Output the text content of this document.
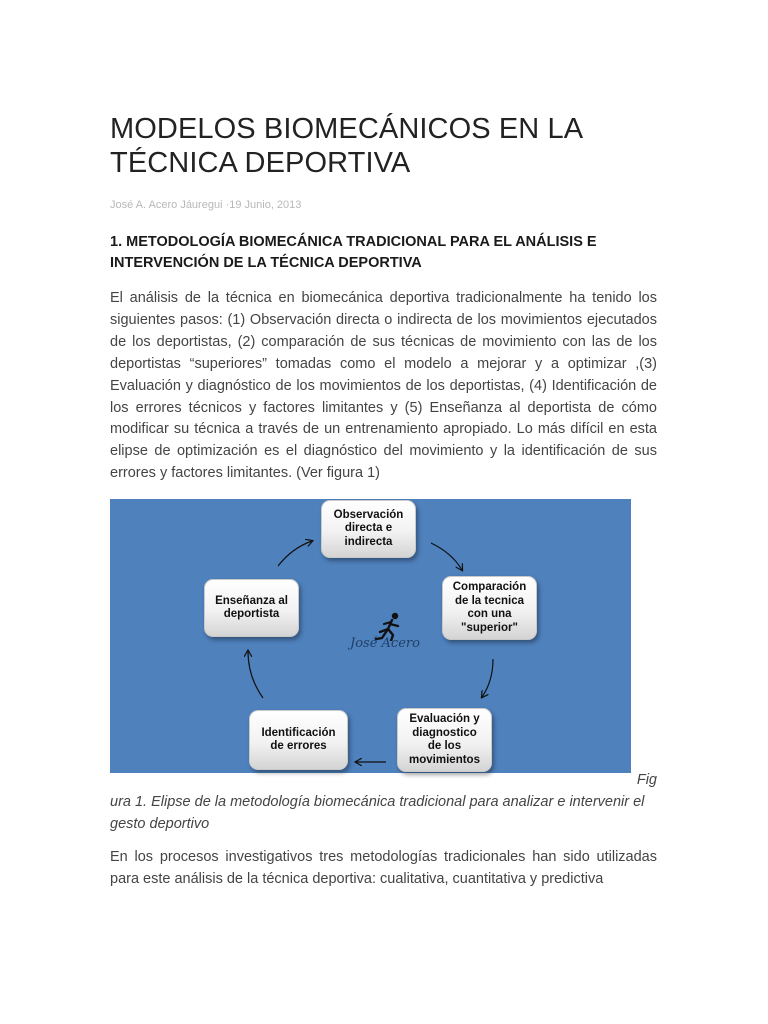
MODELOS BIOMECÁNICOS EN LA TÉCNICA DEPORTIVA
José A. Acero Jáuregui ·19 Junio, 2013
1. METODOLOGÍA BIOMECÁNICA TRADICIONAL PARA EL ANÁLISIS E INTERVENCIÓN DE LA TÉCNICA DEPORTIVA

El análisis de la técnica en biomecánica deportiva tradicionalmente ha tenido los siguientes pasos: (1) Observación directa o indirecta de los movimientos ejecutados de los deportistas, (2) comparación de sus técnicas de movimiento con las de los deportistas “superiores” tomadas como el modelo a mejorar y a optimizar ,(3) Evaluación y diagnóstico de los movimientos de los deportistas, (4) Identificación de los errores técnicos y factores limitantes y (5) Enseñanza al deportista de cómo modificar su técnica a través de un entrenamiento apropiado. Lo más difícil en esta elipse de optimización es el diagnóstico del movimiento y la identificación de sus errores y factores limitantes. (Ver figura 1)

Observación
directa e
indirecta
Comparación
de la tecnica
con una
"superior"
Evaluación y
diagnostico
de los
movimientos
Identificación
de errores
Enseñanza al
deportista
José Acero

Fig
ura 1. Elipse de la metodología biomecánica tradicional para analizar e intervenir el gesto deportivo

En los procesos investigativos tres metodologías tradicionales han sido utilizadas para este análisis de la técnica deportiva: cualitativa, cuantitativa y predictiva
